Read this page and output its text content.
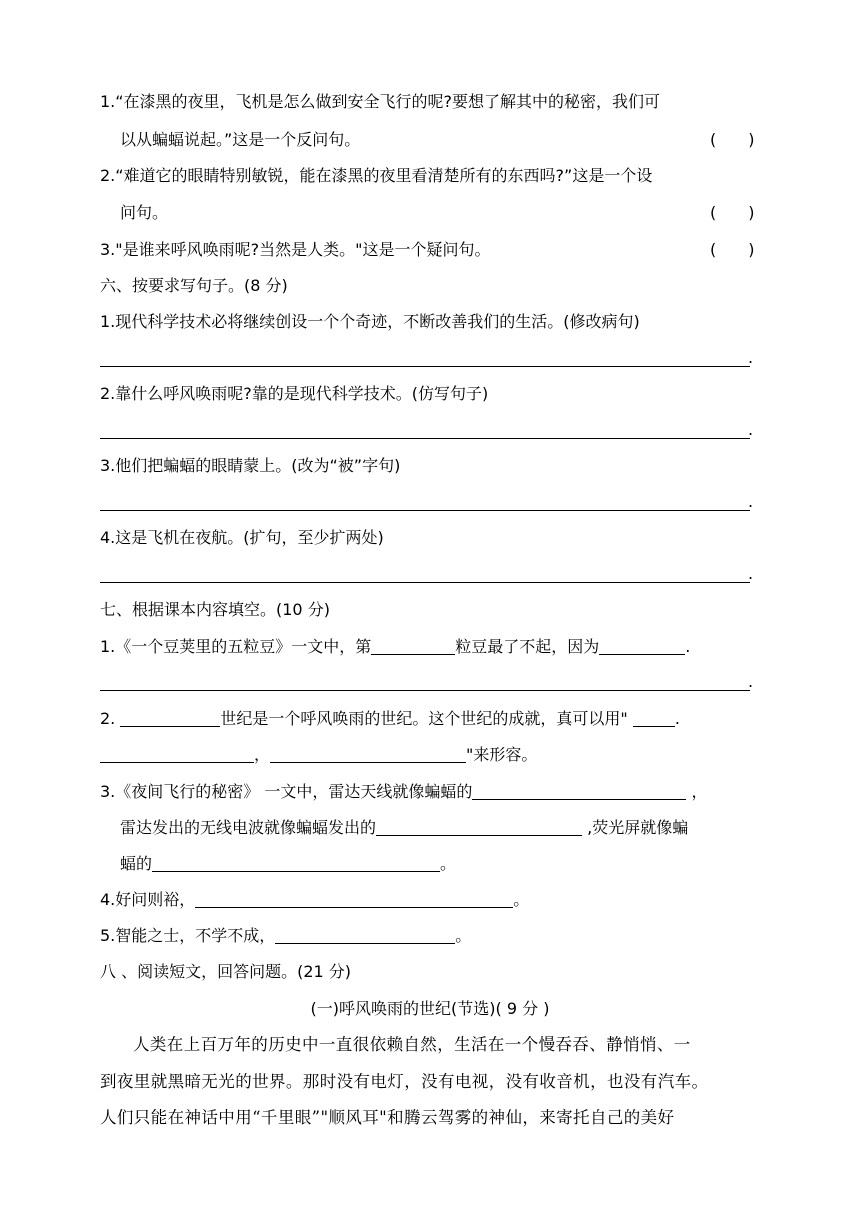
1.“在漆黑的夜里，飞机是怎么做到安全飞行的呢?要想了解其中的秘密，我们可
以从蝙蝠说起。”这是一个反问句。	(　　)
2.“难道它的眼睛特别敏锐，能在漆黑的夜里看清楚所有的东西吗?”这是一个设
问句。	(　　)
3."是谁来呼风唤雨呢?当然是人类。"这是一个疑问句。	(　　)
六、按要求写句子。(8 分)
1.现代科学技术必将继续创设一个个奇迹，不断改善我们的生活。(修改病句)
.
2.靠什么呼风唤雨呢?靠的是现代科学技术。(仿写句子)
.
3.他们把蝙蝠的眼睛蒙上。(改为“被”字句)
.
4.这是飞机在夜航。(扩句，至少扩两处)
.
七、根据课本内容填空。(10 分)
1.《一个豆荚里的五粒豆》一文中，第	粒豆最了不起，因为	.
.
2.	世纪是一个呼风唤雨的世纪。这个世纪的成就，真可以用"	.
，	"来形容。
3.《夜间飞行的秘密》 一文中，雷达天线就像蝙蝠的	，
雷达发出的无线电波就像蝙蝠发出的	,荧光屏就像蝙
蝠的	。
4.好问则裕，	。
5.智能之士，不学不成，	。
八 、阅读短文，回答问题。(21 分)
(一)呼风唤雨的世纪(节选)( 9 分 )
人类在上百万年的历史中一直很依赖自然，生活在一个慢吞吞、静悄悄、一
到夜里就黑暗无光的世界。那时没有电灯，没有电视，没有收音机，也没有汽车。
人们只能在神话中用“千里眼”"顺风耳"和腾云驾雾的神仙，来寄托自己的美好
